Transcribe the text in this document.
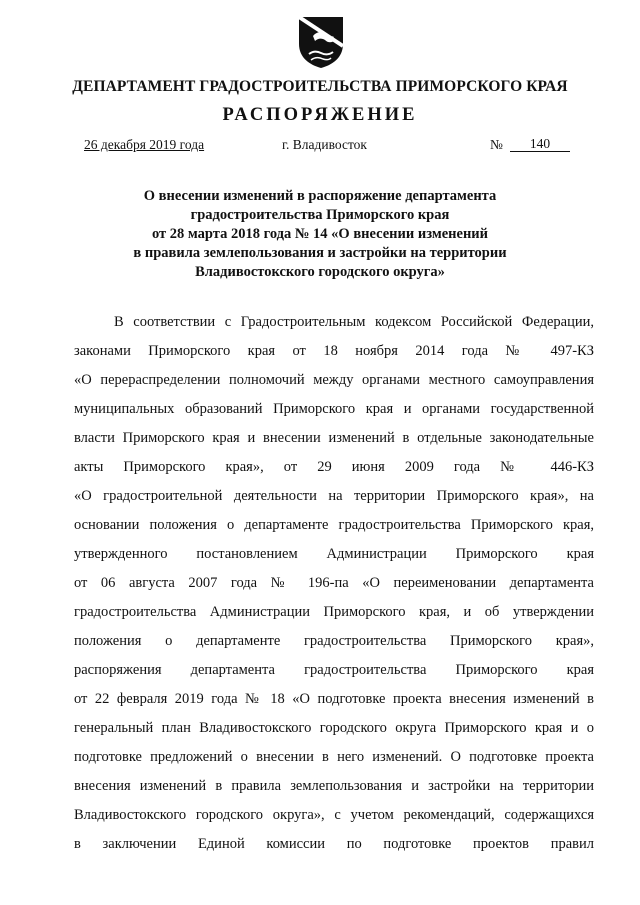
ДЕПАРТАМЕНТ ГРАДОСТРОИТЕЛЬСТВА ПРИМОРСКОГО КРАЯ
РАСПОРЯЖЕНИЕ
26 декабря 2019 года	г. Владивосток	№	140
О внесении изменений в распоряжение департамента
градостроительства Приморского края
от 28 марта 2018 года № 14 «О внесении изменений
в правила землепользования и застройки на территории
Владивостокского городского округа»
В соответствии с Градостроительным кодексом Российской Федерации,
законами Приморского края от 18 ноября 2014 года № 497-КЗ
«О перераспределении полномочий между органами местного самоуправления
муниципальных образований Приморского края и органами государственной
власти Приморского края и внесении изменений в отдельные законодательные
акты Приморского края», от 29 июня 2009 года № 446-КЗ
«О градостроительной деятельности на территории Приморского края», на
основании положения о департаменте градостроительства Приморского края,
утвержденного постановлением Администрации Приморского края
от 06 августа 2007 года № 196-па «О переименовании департамента
градостроительства Администрации Приморского края, и об утверждении
положения о департаменте градостроительства Приморского края»,
распоряжения департамента градостроительства Приморского края
от 22 февраля 2019 года № 18 «О подготовке проекта внесения изменений в
генеральный план Владивостокского городского округа Приморского края и о
подготовке предложений о внесении в него изменений. О подготовке проекта
внесения изменений в правила землепользования и застройки на территории
Владивостокского городского округа», с учетом рекомендаций, содержащихся
в заключении Единой комиссии по подготовке проектов правил
